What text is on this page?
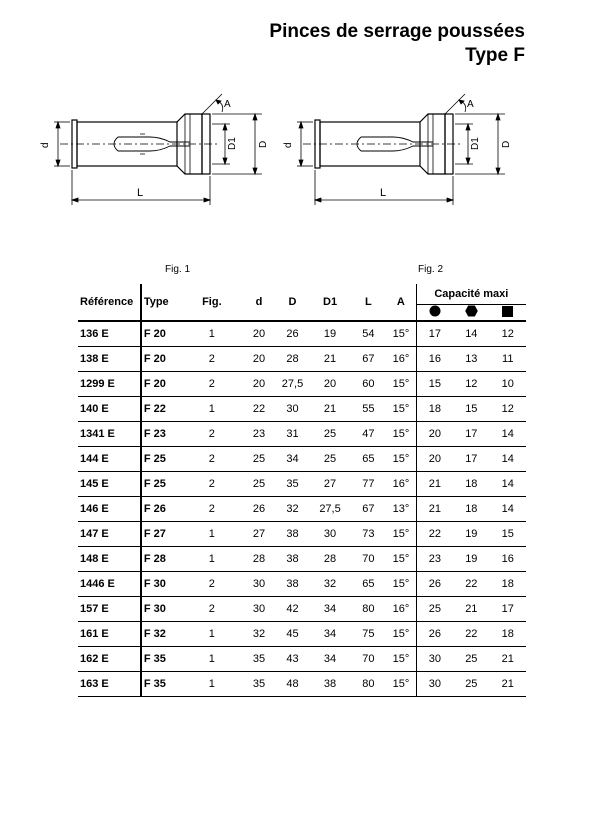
Pinces de serrage poussées
Type F
d	D1 D
L
A
d	D1 D
L
A
Fig. 1	Fig. 2
Référence	Type	Fig.	d	D	D1	L	A	Capacité maxi		

136 E	F 20	1	20	26	19	54	15°	17	14	12
138 E	F 20	2	20	28	21	67	16°	16	13	11
1299 E	F 20	2	20	27,5	20	60	15°	15	12	10
140 E	F 22	1	22	30	21	55	15°	18	15	12
1341 E	F 23	2	23	31	25	47	15°	20	17	14
144 E	F 25	2	25	34	25	65	15°	20	17	14
145 E	F 25	2	25	35	27	77	16°	21	18	14
146 E	F 26	2	26	32	27,5	67	13°	21	18	14
147 E	F 27	1	27	38	30	73	15°	22	19	15
148 E	F 28	1	28	38	28	70	15°	23	19	16
1446 E	F 30	2	30	38	32	65	15°	26	22	18
157 E	F 30	2	30	42	34	80	16°	25	21	17
161 E	F 32	1	32	45	34	75	15°	26	22	18
162 E	F 35	1	35	43	34	70	15°	30	25	21
163 E	F 35	1	35	48	38	80	15°	30	25	21
